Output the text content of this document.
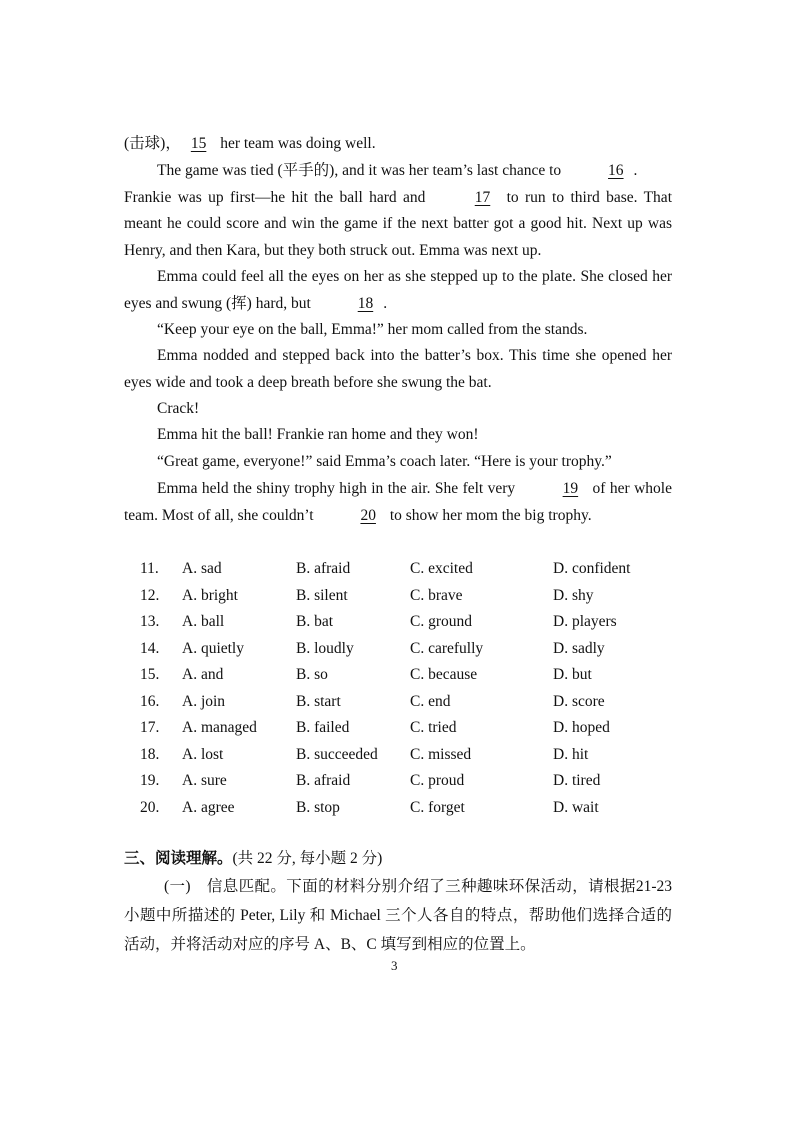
(击球)， 15 her team was doing well.

The game was tied (平手的), and it was her team’s last chance to	16 .
Frankie was up first—he hit the ball hard and	17 to run to third base. That meant he could score and win the game if the next batter got a good hit. Next up was Henry, and then Kara, but they both struck out. Emma was next up.

Emma could feel all the eyes on her as she stepped up to the plate. She closed her eyes and swung (挥) hard, but	18 .

“Keep your eye on the ball, Emma!” her mom called from the stands.

Emma nodded and stepped back into the batter’s box. This time she opened her eyes wide and took a deep breath before she swung the bat.

Crack!

Emma hit the ball! Frankie ran home and they won!

“Great game, everyone!” said Emma’s coach later. “Here is your trophy.”

Emma held the shiny trophy high in the air. She felt very	19 of her whole team. Most of all, she couldn’t	20 to show her mom the big trophy.

11.	A. sad	B. afraid	C. excited	D. confident
12.	A. bright	B. silent	C. brave	D. shy
13.	A. ball	B. bat	C. ground	D. players
14.	A. quietly	B. loudly	C. carefully	D. sadly
15.	A. and	B. so	C. because	D. but
16.	A. join	B. start	C. end	D. score
17.	A. managed	B. failed	C. tried	D. hoped
18.	A. lost	B. succeeded	C. missed	D. hit
19.	A. sure	B. afraid	C. proud	D. tired
20.	A. agree	B. stop	C. forget	D. wait

三、阅读理解。(共 22 分, 每小题 2 分)

(一)　信息匹配。下面的材料分别介绍了三种趣味环保活动，请根据21-23 小题中所描述的 Peter, Lily 和 Michael 三个人各自的特点，帮助他们选择合适的活动，并将活动对应的序号 A、B、C 填写到相应的位置上。

3
